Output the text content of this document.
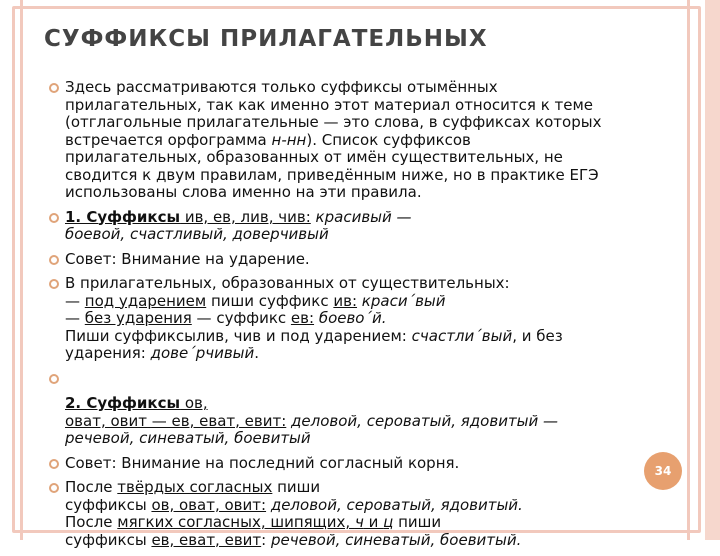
СУФФИКСЫ ПРИЛАГАТЕЛЬНЫХ
Здесь рассматриваются только суффиксы отымённых
прилагательных, так как именно этот материал относится к теме
(отглагольные прилагательные — это слова, в суффиксах которых
встречается орфограмма н-нн). Список суффиксов
прилагательных, образованных от имён существительных, не
сводится к двум правилам, приведённым ниже, но в практике ЕГЭ
использованы слова именно на эти правила.
1. Суффиксы ив, ев, лив, чив: красивый —
боевой, счастливый, доверчивый
Совет: Внимание на ударение.
В прилагательных, образованных от существительных:
— под ударением пиши суффикс ив: краси´вый
— без ударения — суффикс ев: боево´й.
Пиши суффиксылив, чив и под ударением: счастли´вый, и без
ударения: дове´рчивый.
2. Суффиксы ов,
оват, овит — ев, еват, евит: деловой, сероватый, ядовитый —
речевой, синеватый, боевитый
Совет: Внимание на последний согласный корня.
После твёрдых согласных пиши
суффиксы ов, оват, овит: деловой, сероватый, ядовитый.
После мягких согласных, шипящих, ч и ц пиши
суффиксы ев, еват, евит: речевой, синеватый, боевитый.
34
